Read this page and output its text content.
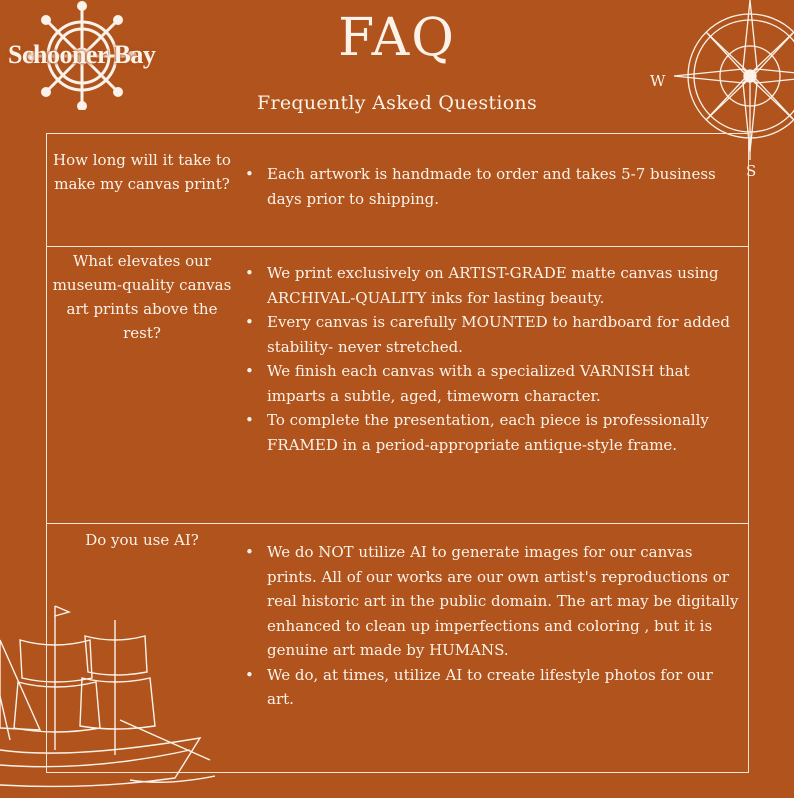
Schooner Bay	FAQ
Frequently Asked Questions
W
S
How long will it take to make my canvas print?
• Each artwork is handmade to order and takes 5-7 business days prior to shipping.
What elevates our museum-quality canvas art prints above the rest?
• We print exclusively on ARTIST-GRADE matte canvas using ARCHIVAL-QUALITY inks for lasting beauty.
• Every canvas is carefully MOUNTED to hardboard for added stability- never stretched.
• We finish each canvas with a specialized VARNISH that imparts a subtle, aged, timeworn character.
• To complete the presentation, each piece is professionally FRAMED in a period-appropriate antique-style frame.
Do you use AI?
• We do NOT utilize AI to generate images for our canvas prints. All of our works are our own artist's reproductions or real historic art in the public domain. The art may be digitally enhanced to clean up imperfections and coloring , but it is genuine art made by HUMANS.
• We do, at times, utilize AI to create lifestyle photos for our art.
